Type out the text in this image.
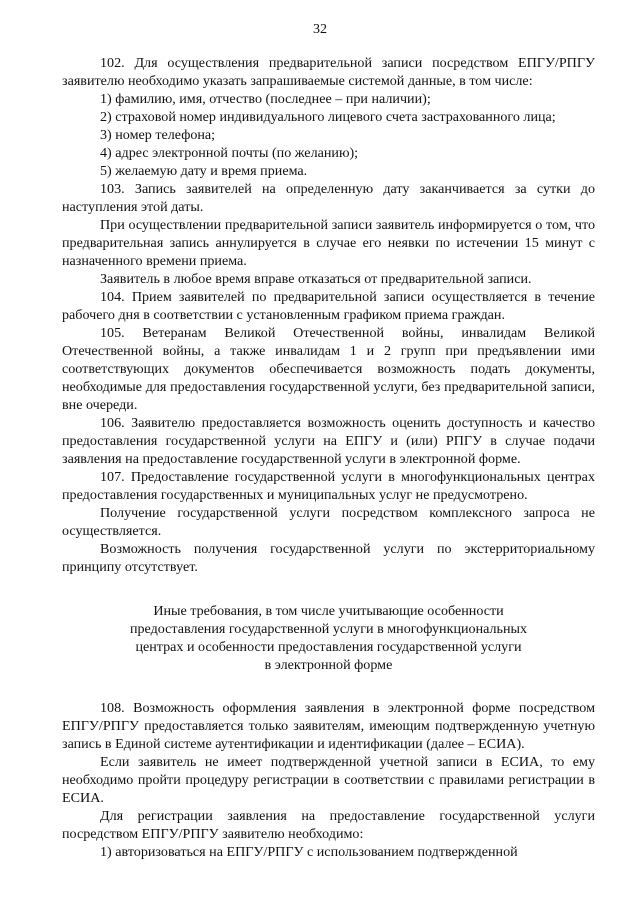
32

102. Для осуществления предварительной записи посредством ЕПГУ/РПГУ заявителю необходимо указать запрашиваемые системой данные, в том числе:

1) фамилию, имя, отчество (последнее – при наличии);

2) страховой номер индивидуального лицевого счета застрахованного лица;

3) номер телефона;

4) адрес электронной почты (по желанию);

5) желаемую дату и время приема.

103. Запись заявителей на определенную дату заканчивается за сутки до наступления этой даты.

При осуществлении предварительной записи заявитель информируется о том, что предварительная запись аннулируется в случае его неявки по истечении 15 минут с назначенного времени приема.

Заявитель в любое время вправе отказаться от предварительной записи.

104. Прием заявителей по предварительной записи осуществляется в течение рабочего дня в соответствии с установленным графиком приема граждан.

105. Ветеранам Великой Отечественной войны, инвалидам Великой Отечественной войны, а также инвалидам 1 и 2 групп при предъявлении ими соответствующих документов обеспечивается возможность подать документы, необходимые для предоставления государственной услуги, без предварительной записи, вне очереди.

106. Заявителю предоставляется возможность оценить доступность и качество предоставления государственной услуги на ЕПГУ и (или) РПГУ в случае подачи заявления на предоставление государственной услуги в электронной форме.

107. Предоставление государственной услуги в многофункциональных центрах предоставления государственных и муниципальных услуг не предусмотрено.

Получение государственной услуги посредством комплексного запроса не осуществляется.

Возможность получения государственной услуги по экстерриториальному принципу отсутствует.

Иные требования, в том числе учитывающие особенности
предоставления государственной услуги в многофункциональных
центрах и особенности предоставления государственной услуги
в электронной форме

108. Возможность оформления заявления в электронной форме посредством ЕПГУ/РПГУ предоставляется только заявителям, имеющим подтвержденную учетную запись в Единой системе аутентификации и идентификации (далее – ЕСИА).

Если заявитель не имеет подтвержденной учетной записи в ЕСИА, то ему необходимо пройти процедуру регистрации в соответствии с правилами регистрации в ЕСИА.

Для регистрации заявления на предоставление государственной услуги посредством ЕПГУ/РПГУ заявителю необходимо:

1) авторизоваться на ЕПГУ/РПГУ с использованием подтвержденной
